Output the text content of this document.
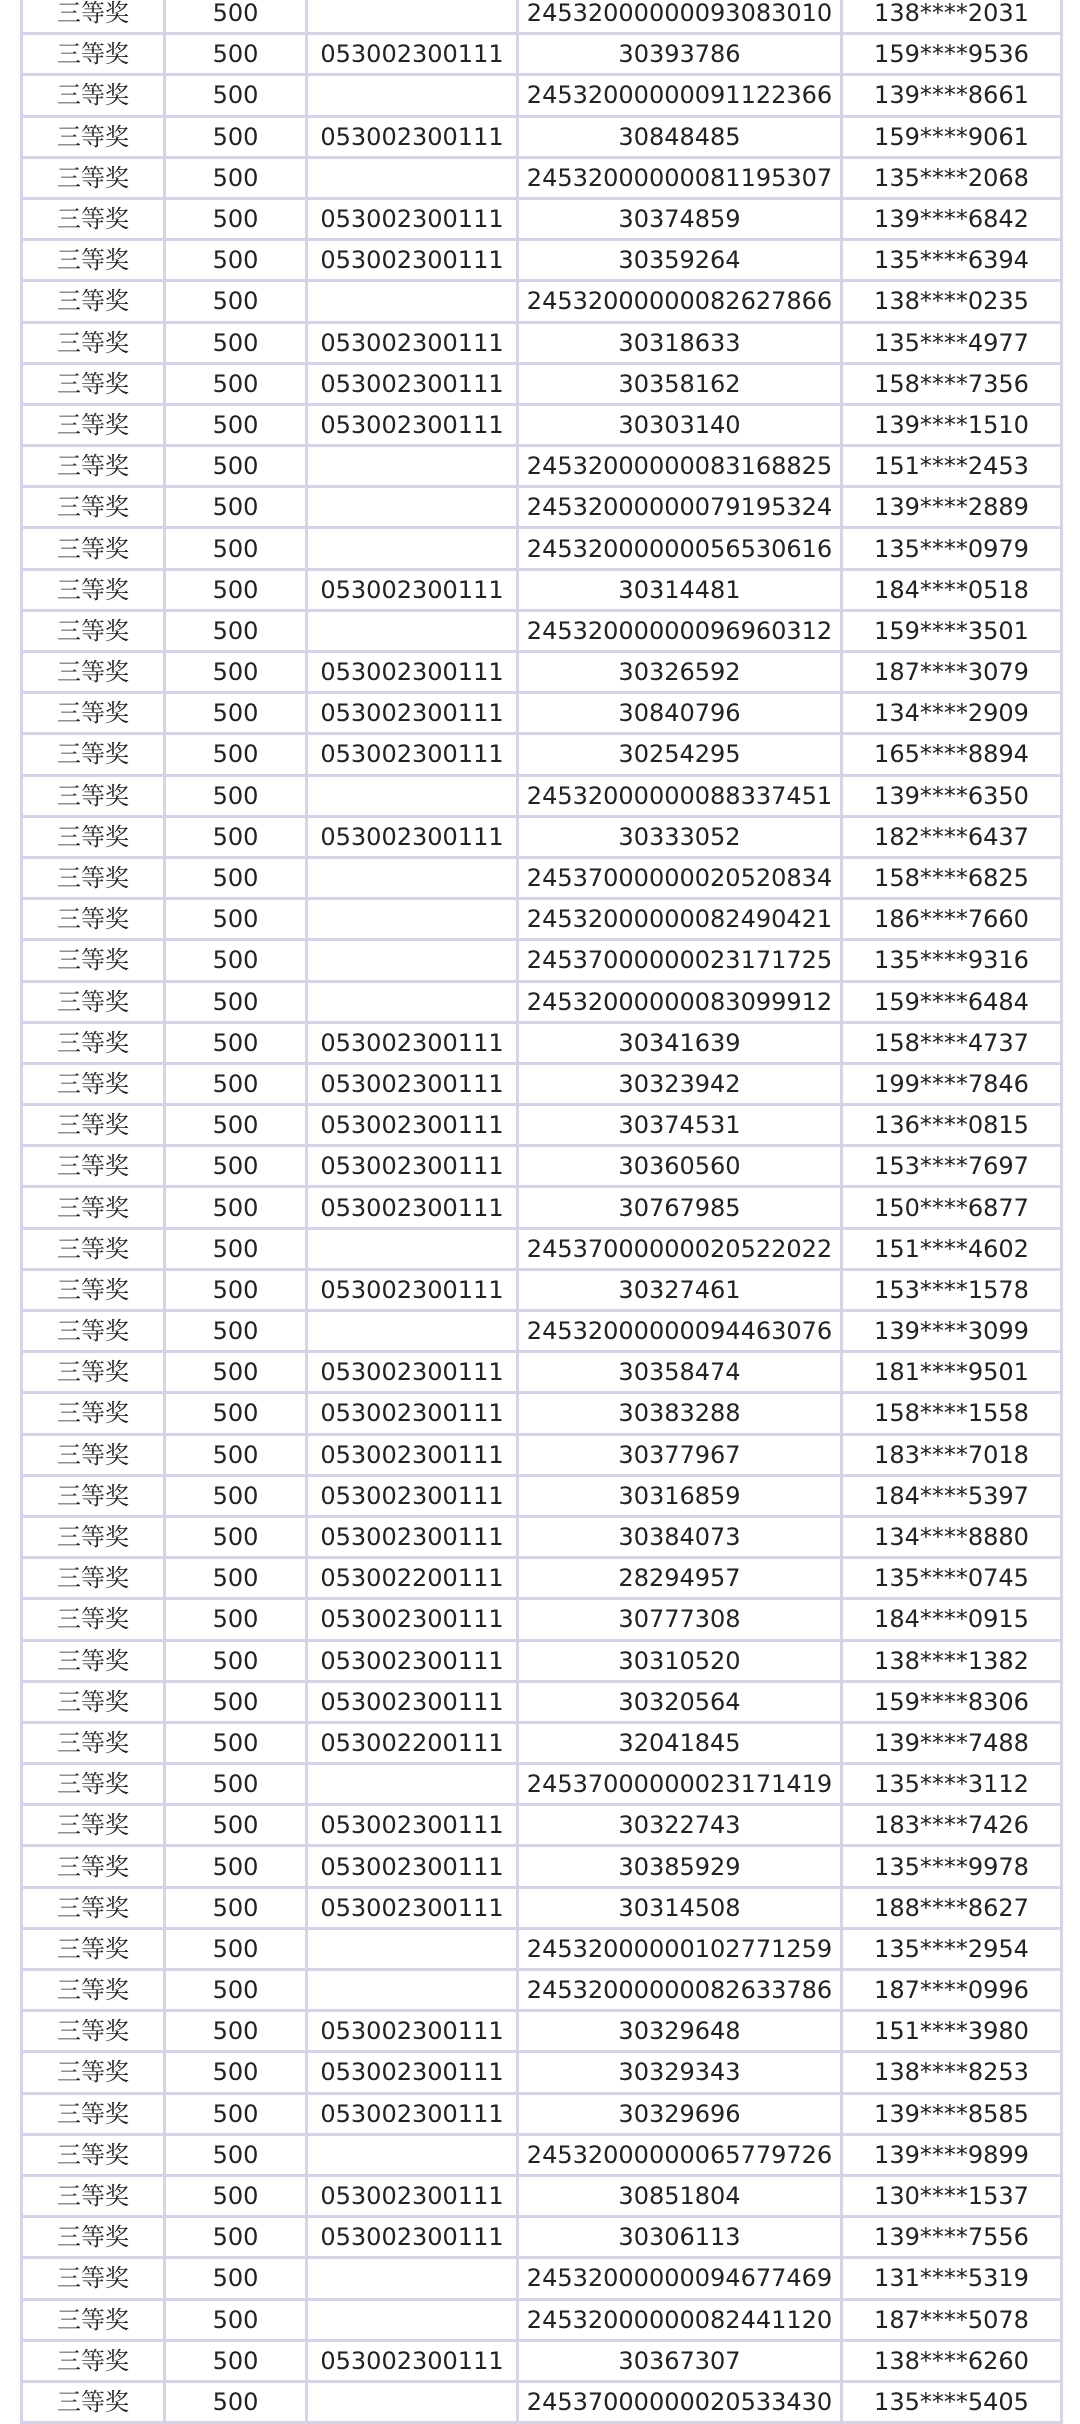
三等奖	500		24532000000093083010	138****2031
三等奖	500	053002300111	30393786	159****9536
三等奖	500		24532000000091122366	139****8661
三等奖	500	053002300111	30848485	159****9061
三等奖	500		24532000000081195307	135****2068
三等奖	500	053002300111	30374859	139****6842
三等奖	500	053002300111	30359264	135****6394
三等奖	500		24532000000082627866	138****0235
三等奖	500	053002300111	30318633	135****4977
三等奖	500	053002300111	30358162	158****7356
三等奖	500	053002300111	30303140	139****1510
三等奖	500		24532000000083168825	151****2453
三等奖	500		24532000000079195324	139****2889
三等奖	500		24532000000056530616	135****0979
三等奖	500	053002300111	30314481	184****0518
三等奖	500		24532000000096960312	159****3501
三等奖	500	053002300111	30326592	187****3079
三等奖	500	053002300111	30840796	134****2909
三等奖	500	053002300111	30254295	165****8894
三等奖	500		24532000000088337451	139****6350
三等奖	500	053002300111	30333052	182****6437
三等奖	500		24537000000020520834	158****6825
三等奖	500		24532000000082490421	186****7660
三等奖	500		24537000000023171725	135****9316
三等奖	500		24532000000083099912	159****6484
三等奖	500	053002300111	30341639	158****4737
三等奖	500	053002300111	30323942	199****7846
三等奖	500	053002300111	30374531	136****0815
三等奖	500	053002300111	30360560	153****7697
三等奖	500	053002300111	30767985	150****6877
三等奖	500		24537000000020522022	151****4602
三等奖	500	053002300111	30327461	153****1578
三等奖	500		24532000000094463076	139****3099
三等奖	500	053002300111	30358474	181****9501
三等奖	500	053002300111	30383288	158****1558
三等奖	500	053002300111	30377967	183****7018
三等奖	500	053002300111	30316859	184****5397
三等奖	500	053002300111	30384073	134****8880
三等奖	500	053002200111	28294957	135****0745
三等奖	500	053002300111	30777308	184****0915
三等奖	500	053002300111	30310520	138****1382
三等奖	500	053002300111	30320564	159****8306
三等奖	500	053002200111	32041845	139****7488
三等奖	500		24537000000023171419	135****3112
三等奖	500	053002300111	30322743	183****7426
三等奖	500	053002300111	30385929	135****9978
三等奖	500	053002300111	30314508	188****8627
三等奖	500		24532000000102771259	135****2954
三等奖	500		24532000000082633786	187****0996
三等奖	500	053002300111	30329648	151****3980
三等奖	500	053002300111	30329343	138****8253
三等奖	500	053002300111	30329696	139****8585
三等奖	500		24532000000065779726	139****9899
三等奖	500	053002300111	30851804	130****1537
三等奖	500	053002300111	30306113	139****7556
三等奖	500		24532000000094677469	131****5319
三等奖	500		24532000000082441120	187****5078
三等奖	500	053002300111	30367307	138****6260
三等奖	500		24537000000020533430	135****5405
